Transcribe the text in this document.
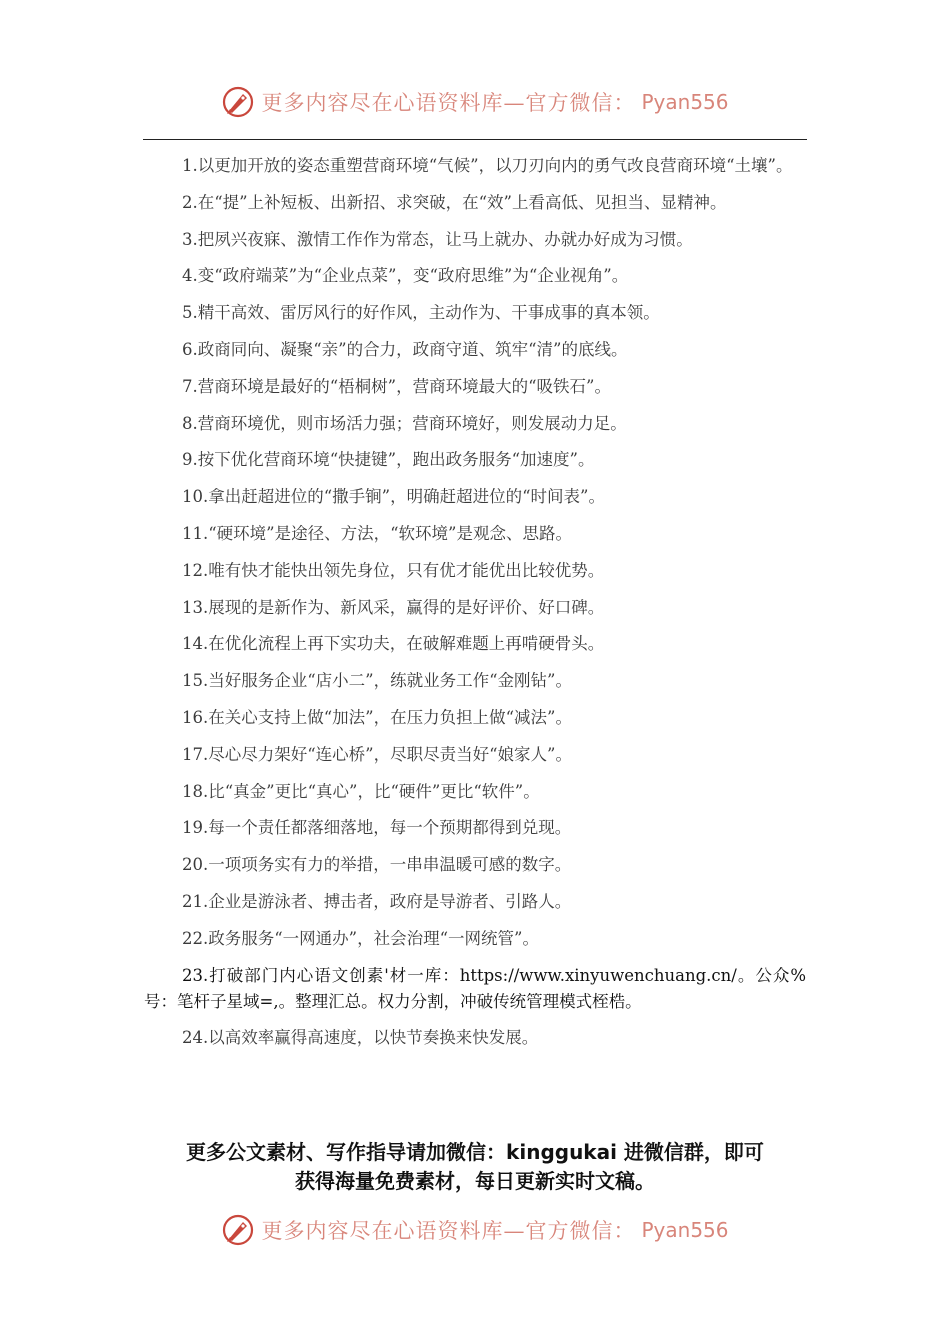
更多内容尽在心语资料库—官方微信： Pyan556

1.以更加开放的姿态重塑营商环境“气候”，以刀刃向内的勇气改良营商环境“土壤”。

2.在“提”上补短板、出新招、求突破，在“效”上看高低、见担当、显精神。

3.把夙兴夜寐、激情工作作为常态，让马上就办、办就办好成为习惯。

4.变“政府端菜”为“企业点菜”，变“政府思维”为“企业视角”。

5.精干高效、雷厉风行的好作风，主动作为、干事成事的真本领。

6.政商同向、凝聚“亲”的合力，政商守道、筑牢“清”的底线。

7.营商环境是最好的“梧桐树”，营商环境最大的“吸铁石”。

8.营商环境优，则市场活力强；营商环境好，则发展动力足。

9.按下优化营商环境“快捷键”，跑出政务服务“加速度”。

10.拿出赶超进位的“撒手锏”，明确赶超进位的“时间表”。

11.“硬环境”是途径、方法，“软环境”是观念、思路。

12.唯有快才能快出领先身位，只有优才能优出比较优势。

13.展现的是新作为、新风采，赢得的是好评价、好口碑。

14.在优化流程上再下实功夫，在破解难题上再啃硬骨头。

15.当好服务企业“店小二”，练就业务工作“金刚钻”。

16.在关心支持上做“加法”，在压力负担上做“减法”。

17.尽心尽力架好“连心桥”，尽职尽责当好“娘家人”。

18.比“真金”更比“真心”，比“硬件”更比“软件”。

19.每一个责任都落细落地，每一个预期都得到兑现。

20.一项项务实有力的举措，一串串温暖可感的数字。

21.企业是游泳者、搏击者，政府是导游者、引路人。

22.政务服务“一网通办”，社会治理“一网统管”。

23.打破部门内心语文创素'材一库：https://www.xinyuwenchuang.cn/。公众%号：笔杆子星域=,。整理汇总。权力分割，冲破传统管理模式桎梏。

24.以高效率赢得高速度，以快节奏换来快发展。

更多公文素材、写作指导请加微信：kinggukai 进微信群，即可
获得海量免费素材，每日更新实时文稿。
更多内容尽在心语资料库—官方微信： Pyan556
